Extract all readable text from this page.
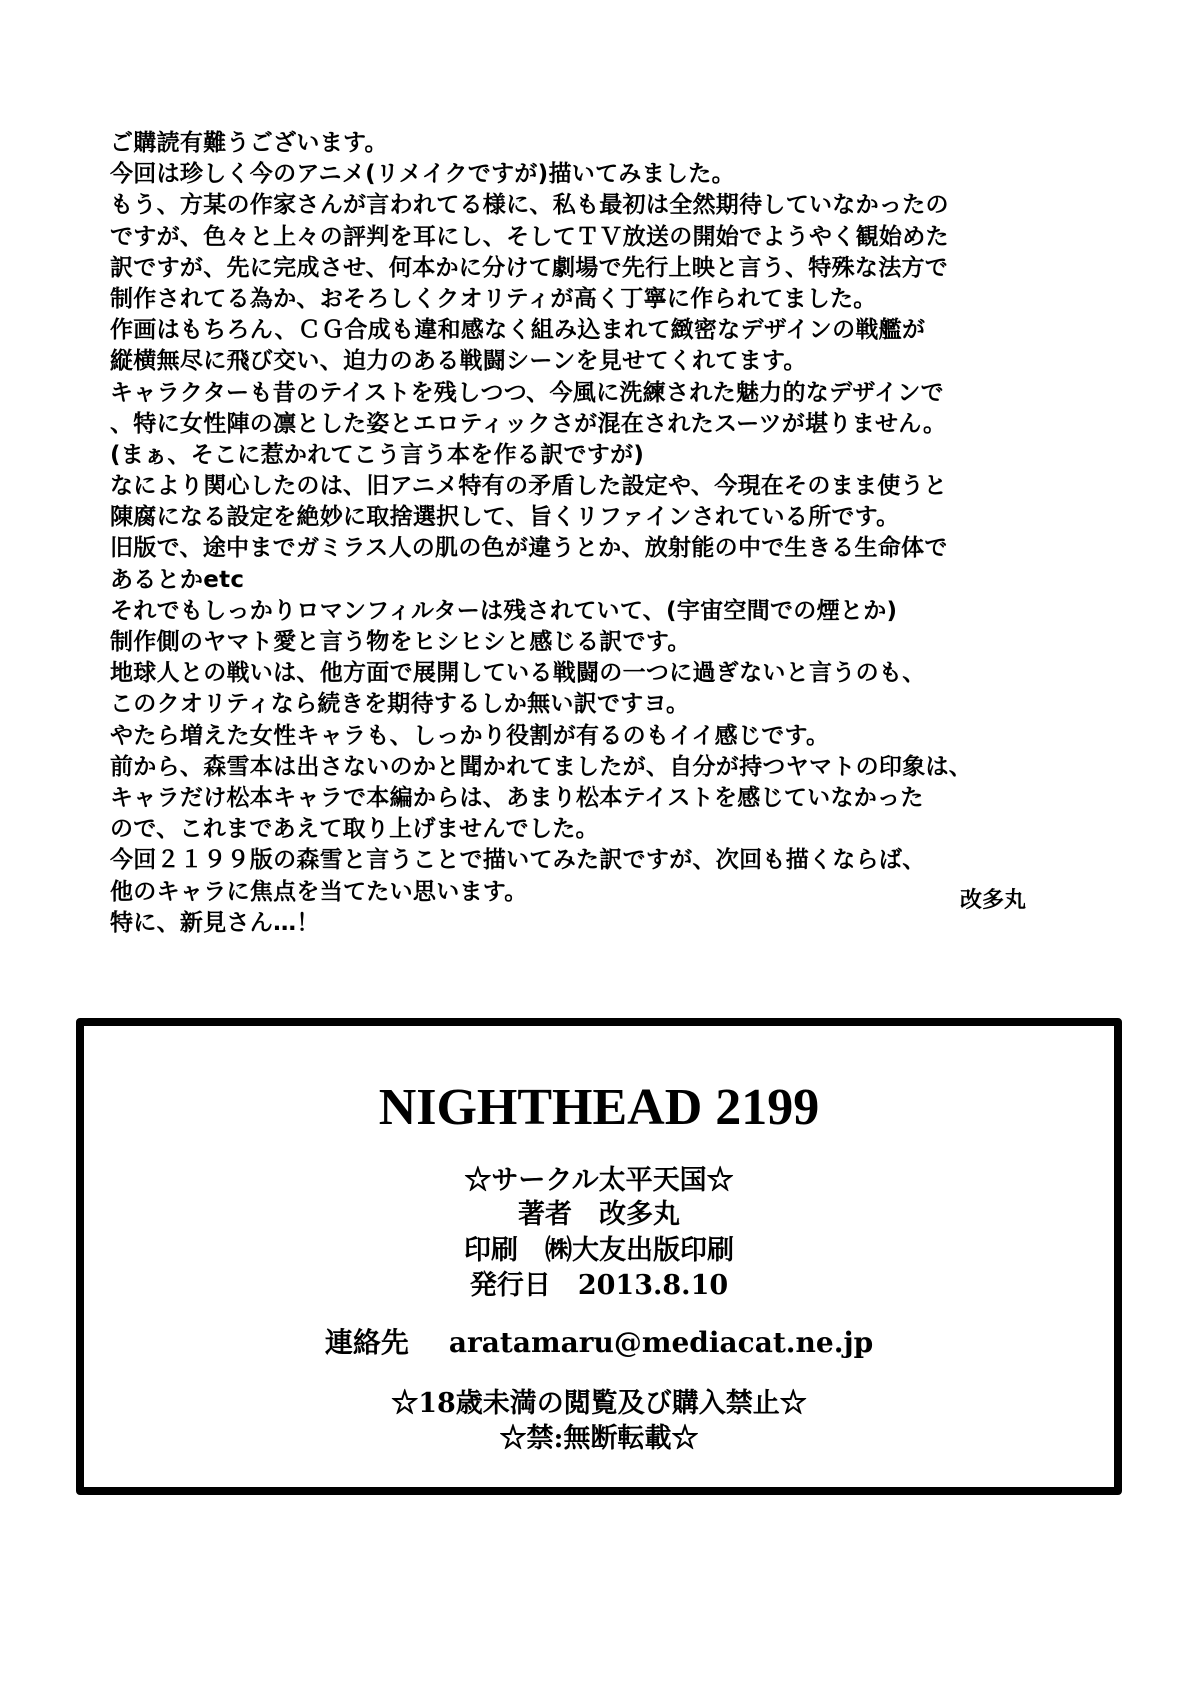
ご購読有難うございます。
今回は珍しく今のアニメ(リメイクですが)描いてみました。
もう、方某の作家さんが言われてる様に、私も最初は全然期待していなかったの
ですが、色々と上々の評判を耳にし、そしてＴＶ放送の開始でようやく観始めた
訳ですが、先に完成させ、何本かに分けて劇場で先行上映と言う、特殊な法方で
制作されてる為か、おそろしくクオリティが高く丁寧に作られてました。
作画はもちろん、ＣＧ合成も違和感なく組み込まれて緻密なデザインの戦艦が
縦横無尽に飛び交い、迫力のある戦闘シーンを見せてくれてます。
キャラクターも昔のテイストを残しつつ、今風に洗練された魅力的なデザインで
、特に女性陣の凛とした姿とエロティックさが混在されたスーツが堪りません。
(まぁ、そこに惹かれてこう言う本を作る訳ですが)
なにより関心したのは、旧アニメ特有の矛盾した設定や、今現在そのまま使うと
陳腐になる設定を絶妙に取捨選択して、旨くリファインされている所です。
旧版で、途中までガミラス人の肌の色が違うとか、放射能の中で生きる生命体で
あるとかetc
それでもしっかりロマンフィルターは残されていて、(宇宙空間での煙とか)
制作側のヤマト愛と言う物をヒシヒシと感じる訳です。
地球人との戦いは、他方面で展開している戦闘の一つに過ぎないと言うのも、
このクオリティなら続きを期待するしか無い訳ですヨ。
やたら増えた女性キャラも、しっかり役割が有るのもイイ感じです。
前から、森雪本は出さないのかと聞かれてましたが、自分が持つヤマトの印象は、
キャラだけ松本キャラで本編からは、あまり松本テイストを感じていなかった
ので、これまであえて取り上げませんでした。
今回２１９９版の森雪と言うことで描いてみた訳ですが、次回も描くならば、
他のキャラに焦点を当てたい思います。
特に、新見さん…！
改多丸
NIGHTHEAD 2199
☆サークル太平天国☆
著者　改多丸
印刷　㈱大友出版印刷
発行日　2013.8.10
連絡先 aratamaru@mediacat.ne.jp
☆18歳未満の閲覧及び購入禁止☆
☆禁:無断転載☆
